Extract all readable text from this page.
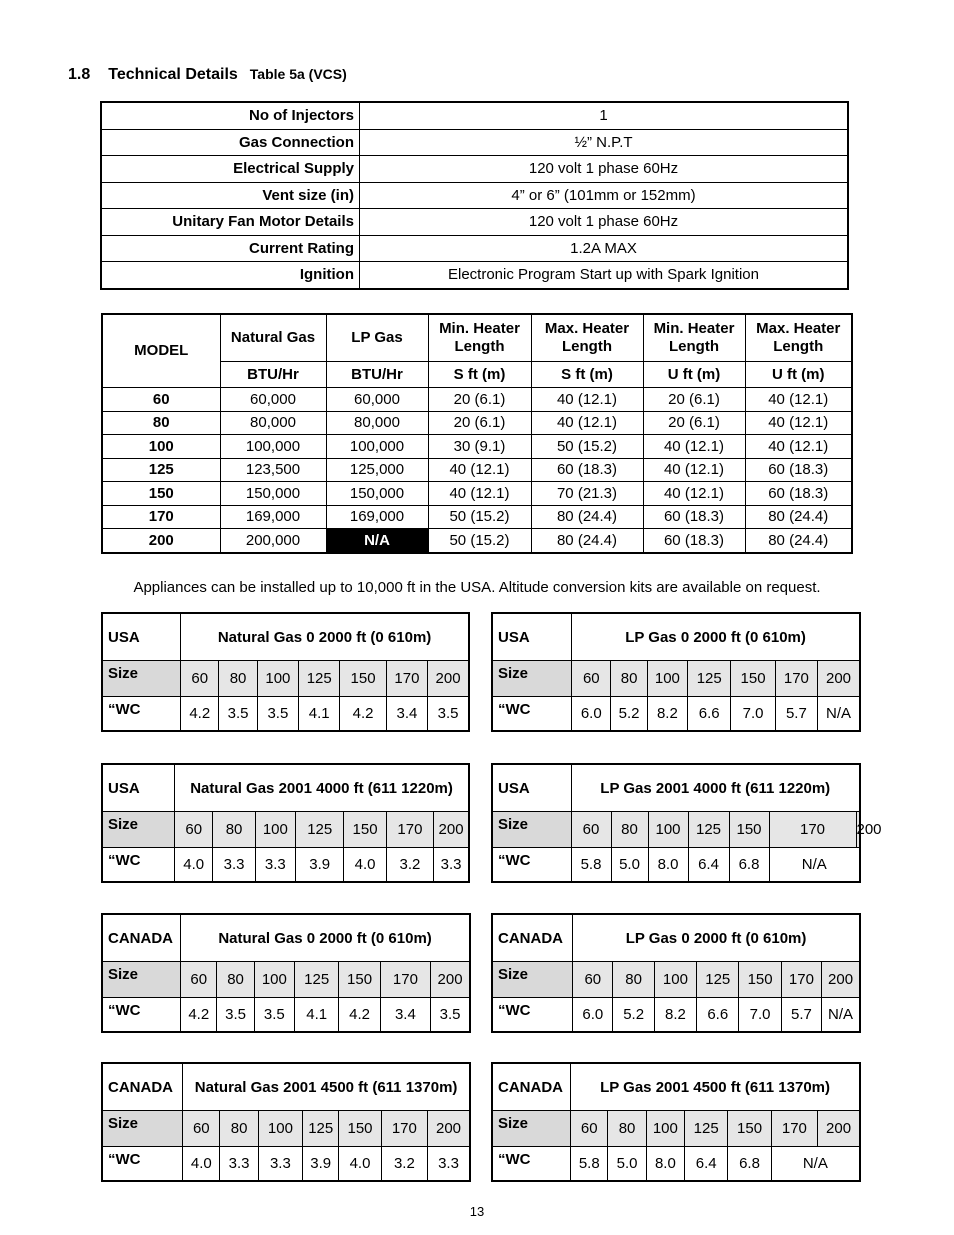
1.8 Technical Details Table 5a (VCS)
No of Injectors	1
Gas Connection	½” N.P.T
Electrical Supply	120 volt 1 phase 60Hz
Vent size (in)	4” or 6” (101mm or 152mm)
Unitary Fan Motor Details	120 volt 1 phase 60Hz
Current Rating	1.2A MAX
Ignition	Electronic Program Start up with Spark Ignition
MODEL	Natural Gas	LP Gas	Min. Heater Length	Max. Heater Length	Min. Heater Length	Max. Heater Length
	BTU/Hr	BTU/Hr	S ft (m)	S ft (m)	U ft (m)	U ft (m)
60	60,000	60,000	20 (6.1)	40 (12.1)	20 (6.1)	40 (12.1)
80	80,000	80,000	20 (6.1)	40 (12.1)	20 (6.1)	40 (12.1)
100	100,000	100,000	30 (9.1)	50 (15.2)	40 (12.1)	40 (12.1)
125	123,500	125,000	40 (12.1)	60 (18.3)	40 (12.1)	60 (18.3)
150	150,000	150,000	40 (12.1)	70 (21.3)	40 (12.1)	60 (18.3)
170	169,000	169,000	50 (15.2)	80 (24.4)	60 (18.3)	80 (24.4)
200	200,000	N/A	50 (15.2)	80 (24.4)	60 (18.3)	80 (24.4)
Appliances can be installed up to 10,000 ft in the USA. Altitude conversion kits are available on request.
USA	Natural Gas 0 2000 ft (0 610m)						
Size	60	80	100	125	150	170	200
“WC	4.2	3.5	3.5	4.1	4.2	3.4	3.5
USA	LP Gas 0 2000 ft (0 610m)						
Size	60	80	100	125	150	170	200
“WC	6.0	5.2	8.2	6.6	7.0	5.7	N/A
USA	Natural Gas 2001 4000 ft (611 1220m)						
Size	60	80	100	125	150	170	200
“WC	4.0	3.3	3.3	3.9	4.0	3.2	3.3
USA	LP Gas 2001 4000 ft (611 1220m)						
Size	60	80	100	125	150	170	200
“WC	5.8	5.0	8.0	6.4	6.8	N/A	
CANADA	Natural Gas 0 2000 ft (0 610m)						
Size	60	80	100	125	150	170	200
“WC	4.2	3.5	3.5	4.1	4.2	3.4	3.5
CANADA	LP Gas 0 2000 ft (0 610m)						
Size	60	80	100	125	150	170	200
“WC	6.0	5.2	8.2	6.6	7.0	5.7	N/A
CANADA	Natural Gas 2001 4500 ft (611 1370m)						
Size	60	80	100	125	150	170	200
“WC	4.0	3.3	3.3	3.9	4.0	3.2	3.3
CANADA	LP Gas 2001 4500 ft (611 1370m)						
Size	60	80	100	125	150	170	200
“WC	5.8	5.0	8.0	6.4	6.8	N/A	
13
